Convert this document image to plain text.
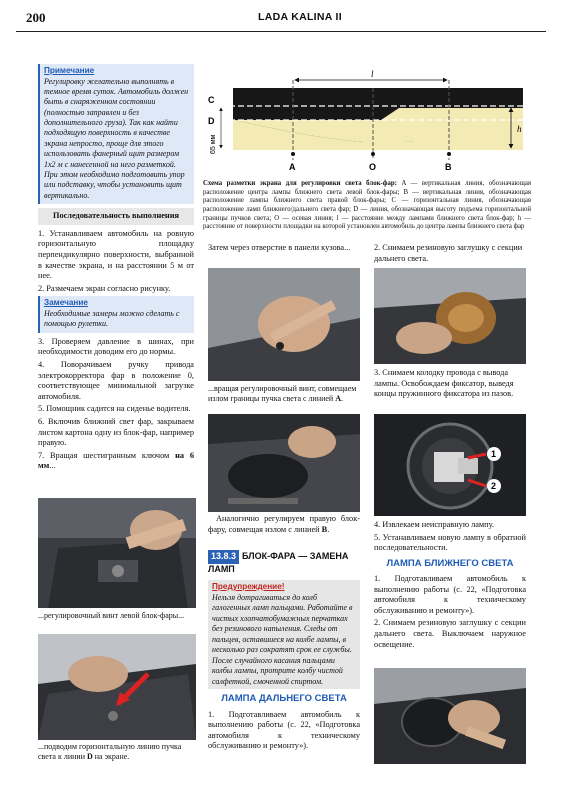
200	LADA KALINA II
Примечание
Регулировку желательно выполнять в темное время суток. Автомобиль должен быть в снаряженном состоянии (полностью заправлен и без дополнительного груза). Так как найти подходящую поверхность в качестве экрана непросто, проще для этого использовать фанерный щит размером 1х2 м с нанесенной на него разметкой. При этом необходимо подготовить упор или подставку, чтобы установить щит вертикально.
Последовательность выполнения

1. Устанавливаем автомобиль на ровную горизонтальную площадку перпендикулярно поверхности, выбранной в качестве экрана, и на расстоянии 5 м от нее.

2. Размечаем экран согласно рисунку.

Замечание
Необходимые замеры можно сделать с помощью рулетки.

3. Проверяем давление в шинах, при необходимости доводим его до нормы.

4. Поворачиваем ручку привода электрокорректора фар в положение 0, соответствующее минимальной загрузке автомобиля.

5. Помощник садится на сиденье водителя.

6. Включив ближний свет фар, закрываем листом картона одну из блок-фар, например правую.

7. Вращая шестигранным ключом на 6 мм...

...регулировочный винт левой блок-фары...
...подводим горизонтальную линию пучка света к линии D на экране.
l
C
D
h
65 мм
A	O	B
Схема разметки экрана для регулировки света блок-фар: A — вертикальная линия, обозначающая расположение центра лампы ближнего света левой блок-фары; B — вертикальная линия, обозначающая расположение лампы ближнего света правой блок-фары; C — горизонтальная линия, обозначающая расположение ламп ближнего/дальнего света фар; D — линия, обозначающая высоту подъема горизонтальной границы пучков света; O — осевая линия; l — расстояние между лампами ближнего света блок-фар; h — расстояние от поверхности площадки на которой установлен автомобиль до центра лампы ближнего света фар
Затем через отверстие в панели кузова...
...вращая регулировочный винт, совмещаем излом границы пучка света с линией А.

Аналогично регулируем правую блок-фару, совмещая излом с линией В.

13.8.3 БЛОК-ФАРА — ЗАМЕНА ЛАМП
Предупреждение!
Нельзя дотрагиваться до колб галогенных ламп пальцами. Работайте в чистых хлопчатобумажных перчатках без резинового напыления. Следы от пальцев, оставшиеся на колбе лампы, в несколько раз сократят срок ее службы. После случайного касания пальцами колбы лампы, протрите колбу чистой салфеткой, смоченной спиртом.
ЛАМПА ДАЛЬНЕГО СВЕТА

1. Подготавливаем автомобиль к выполнению работы (с. 22, «Подготовка автомобиля к техническому обслуживанию и ремонту»).

2. Снимаем резиновую заглушку с секции дальнего света.
3. Снимаем колодку провода с вывода лампы. Освобождаем фиксатор, выведя концы пружинного фиксатора из пазов.
1
2

4. Извлекаем неисправную лампу.

5. Устанавливаем новую лампу в обратной последовательности.

ЛАМПА БЛИЖНЕГО СВЕТА

1. Подготавливаем автомобиль к выполнению работы (с. 22, «Подготовка автомобиля к техническому обслуживанию и ремонту»).

2. Снимаем резиновую заглушку с секции дальнего света. Выключаем наружное освещение.
